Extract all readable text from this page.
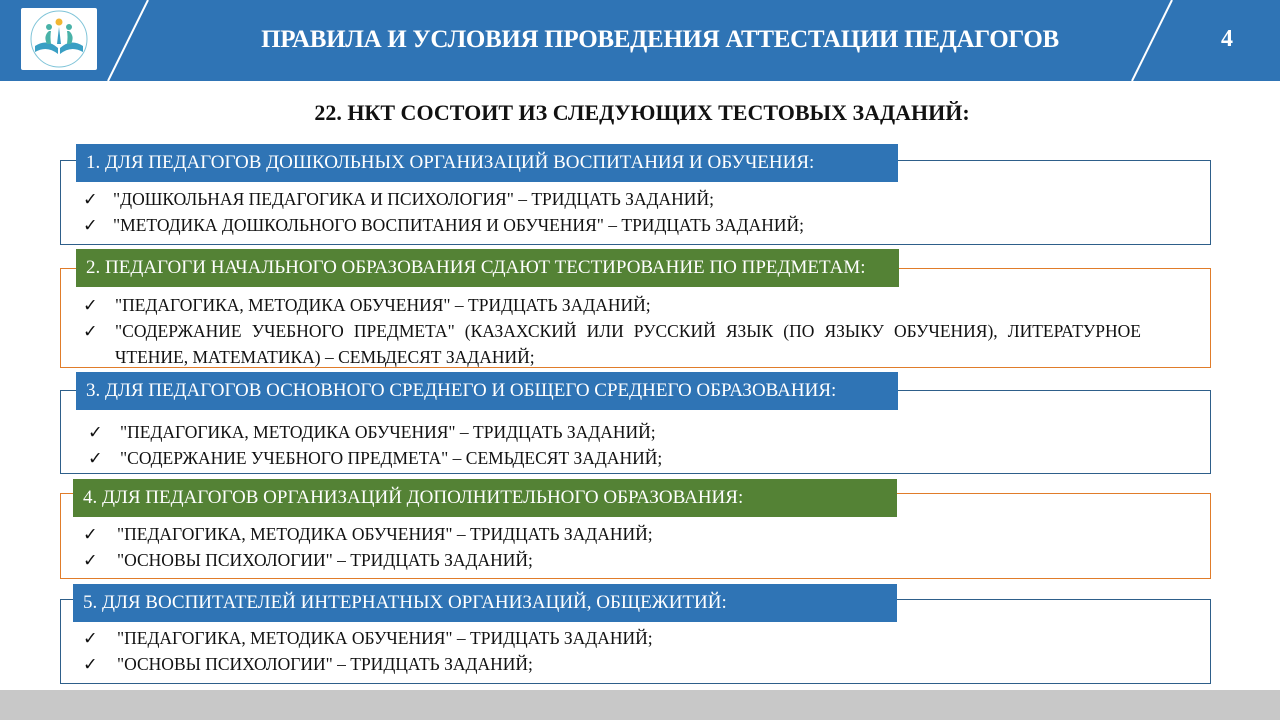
ПРАВИЛА И УСЛОВИЯ ПРОВЕДЕНИЯ АТТЕСТАЦИИ ПЕДАГОГОВ	4
22. НКТ СОСТОИТ ИЗ СЛЕДУЮЩИХ ТЕСТОВЫХ ЗАДАНИЙ:
✓ "ДОШКОЛЬНАЯ ПЕДАГОГИКА И ПСИХОЛОГИЯ" – ТРИДЦАТЬ ЗАДАНИЙ;
✓ "МЕТОДИКА ДОШКОЛЬНОГО ВОСПИТАНИЯ И ОБУЧЕНИЯ" – ТРИДЦАТЬ ЗАДАНИЙ;
1. ДЛЯ ПЕДАГОГОВ ДОШКОЛЬНЫХ ОРГАНИЗАЦИЙ ВОСПИТАНИЯ И ОБУЧЕНИЯ:
✓ "ПЕДАГОГИКА, МЕТОДИКА ОБУЧЕНИЯ" – ТРИДЦАТЬ ЗАДАНИЙ;
✓ "СОДЕРЖАНИЕ УЧЕБНОГО ПРЕДМЕТА" (КАЗАХСКИЙ ИЛИ РУССКИЙ ЯЗЫК (ПО ЯЗЫКУ ОБУЧЕНИЯ), ЛИТЕРАТУРНОЕ ЧТЕНИЕ, МАТЕМАТИКА) – СЕМЬДЕСЯТ ЗАДАНИЙ;
2. ПЕДАГОГИ НАЧАЛЬНОГО ОБРАЗОВАНИЯ СДАЮТ ТЕСТИРОВАНИЕ ПО ПРЕДМЕТАМ:
✓ "ПЕДАГОГИКА, МЕТОДИКА ОБУЧЕНИЯ" – ТРИДЦАТЬ ЗАДАНИЙ;
✓ "СОДЕРЖАНИЕ УЧЕБНОГО ПРЕДМЕТА" – СЕМЬДЕСЯТ ЗАДАНИЙ;
3. ДЛЯ ПЕДАГОГОВ ОСНОВНОГО СРЕДНЕГО И ОБЩЕГО СРЕДНЕГО ОБРАЗОВАНИЯ:
✓ "ПЕДАГОГИКА, МЕТОДИКА ОБУЧЕНИЯ" – ТРИДЦАТЬ ЗАДАНИЙ;
✓ "ОСНОВЫ ПСИХОЛОГИИ" – ТРИДЦАТЬ ЗАДАНИЙ;
4. ДЛЯ ПЕДАГОГОВ ОРГАНИЗАЦИЙ ДОПОЛНИТЕЛЬНОГО ОБРАЗОВАНИЯ:
✓ "ПЕДАГОГИКА, МЕТОДИКА ОБУЧЕНИЯ" – ТРИДЦАТЬ ЗАДАНИЙ;
✓ "ОСНОВЫ ПСИХОЛОГИИ" – ТРИДЦАТЬ ЗАДАНИЙ;
5. ДЛЯ ВОСПИТАТЕЛЕЙ ИНТЕРНАТНЫХ ОРГАНИЗАЦИЙ, ОБЩЕЖИТИЙ:
